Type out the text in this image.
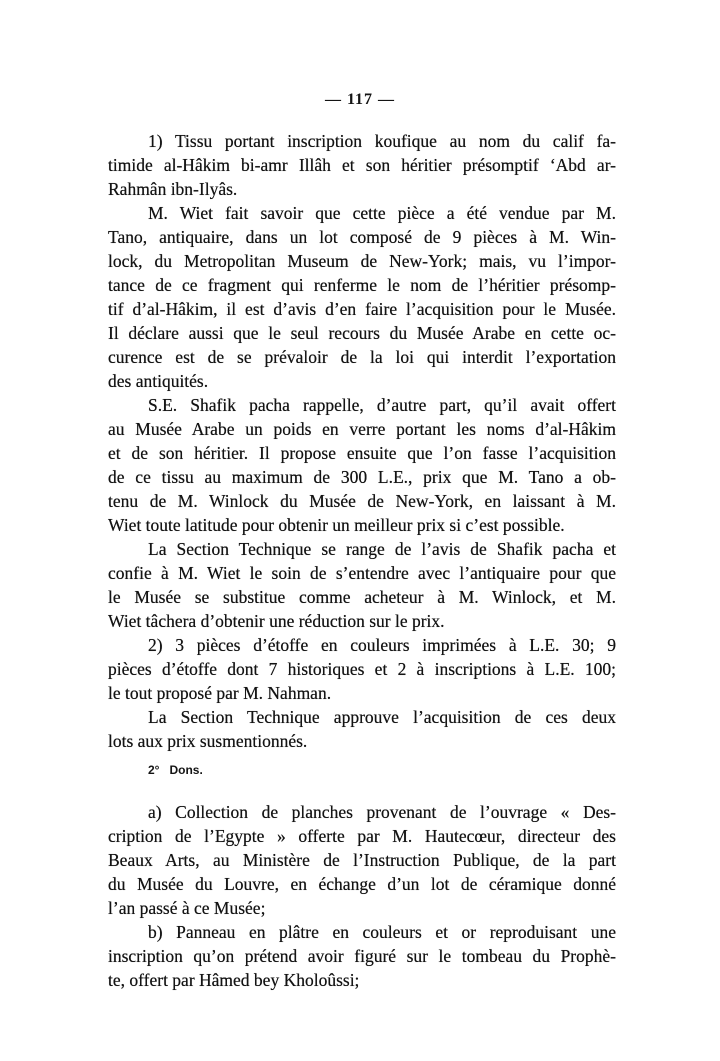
— 117 —
1) Tissu portant inscription koufique au nom du calif fa-
timide al-Hâkim bi-amr Illâh et son héritier présomptif ‘Abd ar-
Rahmân ibn-Ilyâs.
M. Wiet fait savoir que cette pièce a été vendue par M.
Tano, antiquaire, dans un lot composé de 9 pièces à M. Win-
lock, du Metropolitan Museum de New-York; mais, vu l’impor-
tance de ce fragment qui renferme le nom de l’héritier présomp-
tif d’al-Hâkim, il est d’avis d’en faire l’acquisition pour le Musée.
Il déclare aussi que le seul recours du Musée Arabe en cette oc-
curence est de se prévaloir de la loi qui interdit l’exportation
des antiquités.
S.E. Shafik pacha rappelle, d’autre part, qu’il avait offert
au Musée Arabe un poids en verre portant les noms d’al-Hâkim
et de son héritier. Il propose ensuite que l’on fasse l’acquisition
de ce tissu au maximum de 300 L.E., prix que M. Tano a ob-
tenu de M. Winlock du Musée de New-York, en laissant à M.
Wiet toute latitude pour obtenir un meilleur prix si c’est possible.
La Section Technique se range de l’avis de Shafik pacha et
confie à M. Wiet le soin de s’entendre avec l’antiquaire pour que
le Musée se substitue comme acheteur à M. Winlock, et M.
Wiet tâchera d’obtenir une réduction sur le prix.
2) 3 pièces d’étoffe en couleurs imprimées à L.E. 30; 9
pièces d’étoffe dont 7 historiques et 2 à inscriptions à L.E. 100;
le tout proposé par M. Nahman.
La Section Technique approuve l’acquisition de ces deux
lots aux prix susmentionnés.
a) Collection de planches provenant de l’ouvrage « Des-
cription de l’Egypte » offerte par M. Hautecœur, directeur des
Beaux Arts, au Ministère de l’Instruction Publique, de la part
du Musée du Louvre, en échange d’un lot de céramique donné
l’an passé à ce Musée;
b) Panneau en plâtre en couleurs et or reproduisant une
inscription qu’on prétend avoir figuré sur le tombeau du Prophè-
te, offert par Hâmed bey Kholoûssi;
2° Dons.
